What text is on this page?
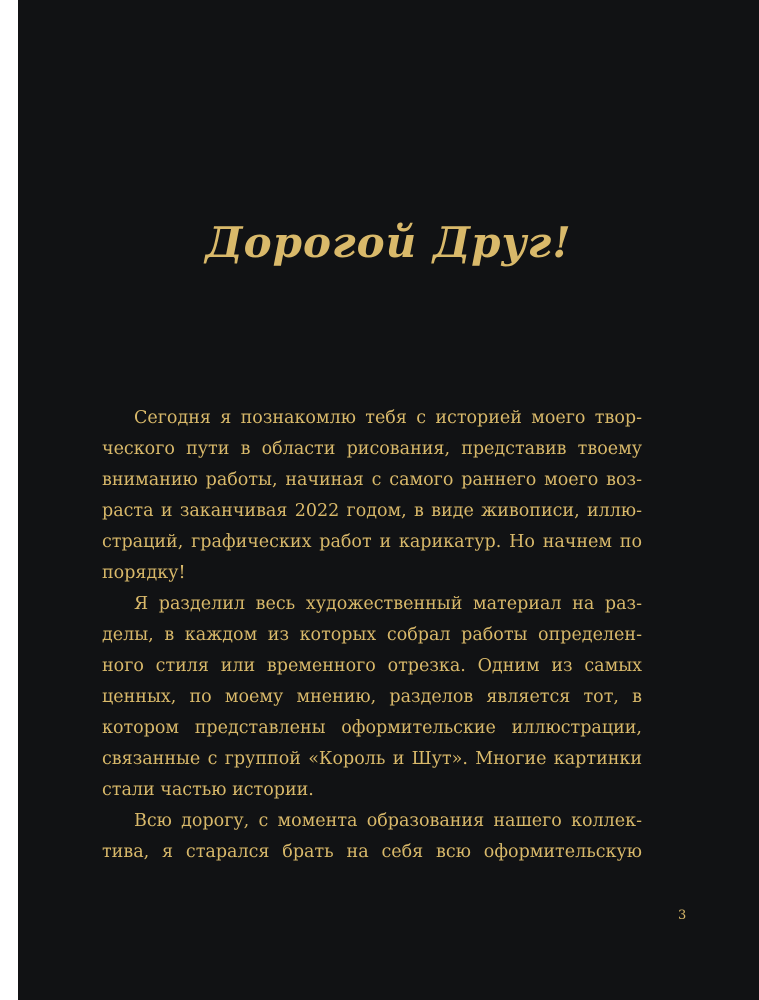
Дорогой Друг!
Сегодня я познакомлю тебя с историей моего твор-
ческого пути в области рисования, представив твоему
вниманию работы, начиная с самого раннего моего воз-
раста и заканчивая 2022 годом, в виде живописи, иллю-
страций, графических работ и карикатур. Но начнем по
порядку!
Я разделил весь художественный материал на раз-
делы, в каждом из которых собрал работы определен-
ного стиля или временного отрезка. Одним из самых
ценных, по моему мнению, разделов является тот, в
котором представлены оформительские иллюстрации,
связанные с группой «Король и Шут». Многие картинки
стали частью истории.
Всю дорогу, с момента образования нашего коллек-
тива, я старался брать на себя всю оформительскую
3
